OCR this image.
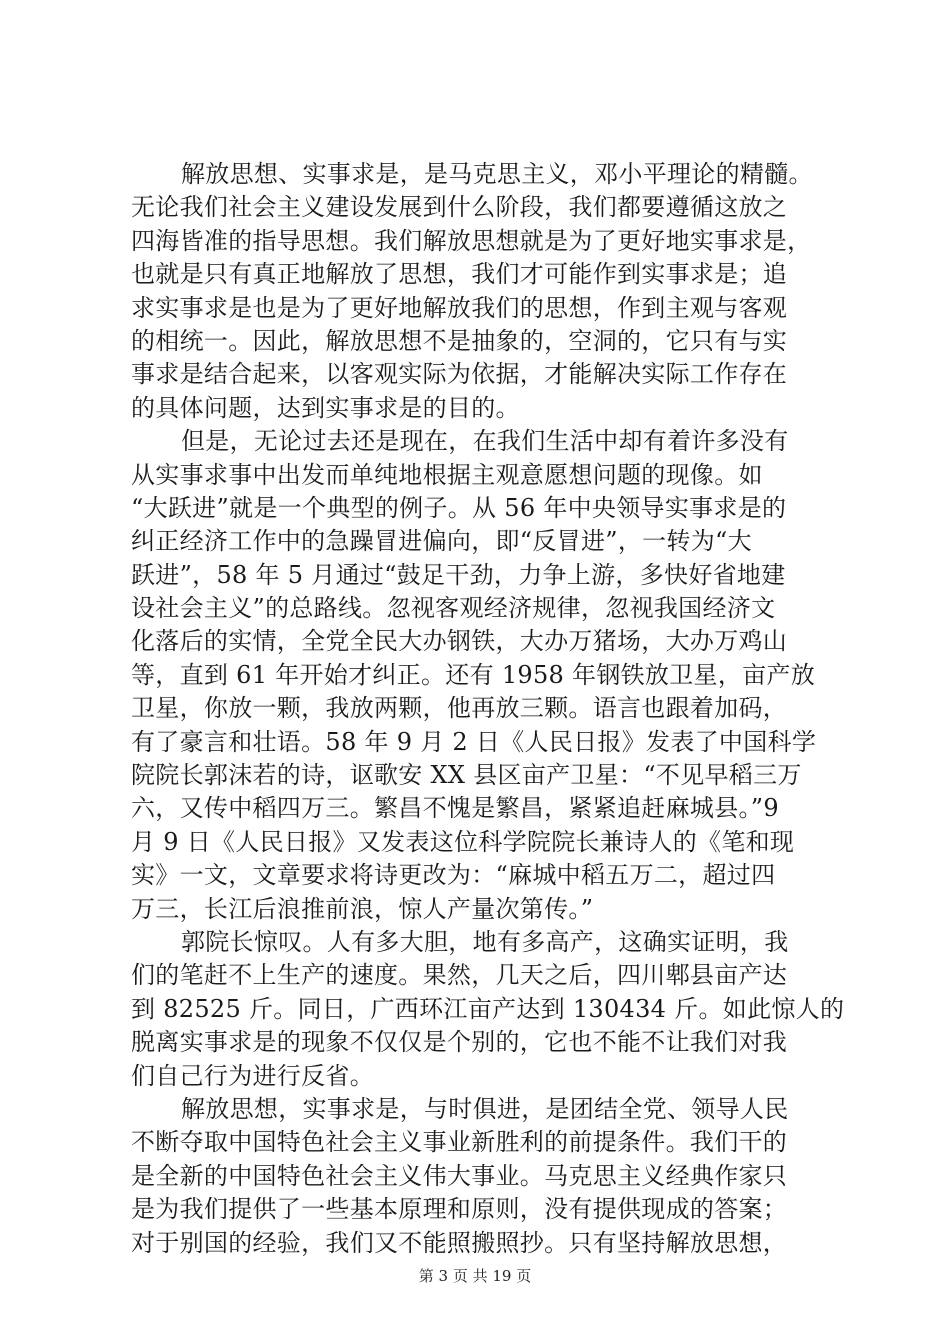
解放思想、实事求是，是马克思主义，邓小平理论的精髓。
无论我们社会主义建设发展到什么阶段，我们都要遵循这放之
四海皆准的指导思想。我们解放思想就是为了更好地实事求是，
也就是只有真正地解放了思想，我们才可能作到实事求是；追
求实事求是也是为了更好地解放我们的思想，作到主观与客观
的相统一。因此，解放思想不是抽象的，空洞的，它只有与实
事求是结合起来，以客观实际为依据，才能解决实际工作存在
的具体问题，达到实事求是的目的。
但是，无论过去还是现在，在我们生活中却有着许多没有
从实事求事中出发而单纯地根据主观意愿想问题的现像。如
“大跃进”就是一个典型的例子。从 56 年中央领导实事求是的
纠正经济工作中的急躁冒进偏向，即“反冒进”，一转为“大
跃进”，58 年 5 月通过“鼓足干劲，力争上游，多快好省地建
设社会主义”的总路线。忽视客观经济规律，忽视我国经济文
化落后的实情，全党全民大办钢铁，大办万猪场，大办万鸡山
等，直到 61 年开始才纠正。还有 1958 年钢铁放卫星，亩产放
卫星，你放一颗，我放两颗，他再放三颗。语言也跟着加码，
有了豪言和壮语。58 年 9 月 2 日《人民日报》发表了中国科学
院院长郭沫若的诗，讴歌安 XX 县区亩产卫星：“不见早稻三万
六，又传中稻四万三。繁昌不愧是繁昌，紧紧追赶麻城县。”9
月 9 日《人民日报》又发表这位科学院院长兼诗人的《笔和现
实》一文，文章要求将诗更改为：“麻城中稻五万二，超过四
万三，长江后浪推前浪，惊人产量次第传。”
郭院长惊叹。人有多大胆，地有多高产，这确实证明，我
们的笔赶不上生产的速度。果然，几天之后，四川郫县亩产达
到 82525 斤。同日，广西环江亩产达到 130434 斤。如此惊人的
脱离实事求是的现象不仅仅是个别的，它也不能不让我们对我
们自己行为进行反省。
解放思想，实事求是，与时俱进，是团结全党、领导人民
不断夺取中国特色社会主义事业新胜利的前提条件。我们干的
是全新的中国特色社会主义伟大事业。马克思主义经典作家只
是为我们提供了一些基本原理和原则，没有提供现成的答案；
对于别国的经验，我们又不能照搬照抄。只有坚持解放思想，
第 3 页 共 19 页
